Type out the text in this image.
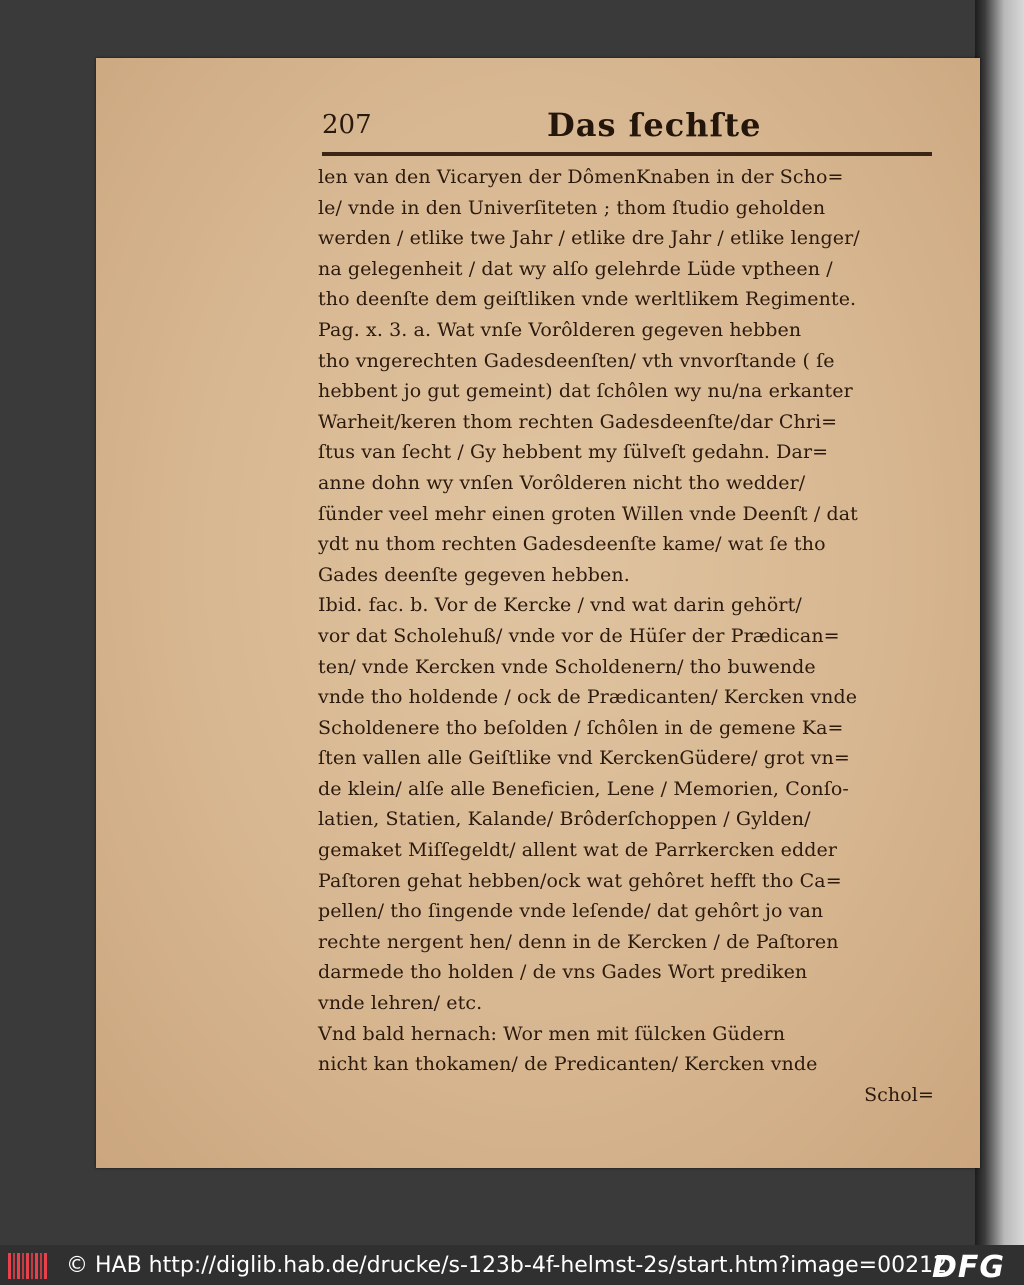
207	Das ſechſte
len van den Vicaryen der DômenKnaben in der Scho=
le/ vnde in den Univerſiteten ; thom ſtudio geholden
werden / etlike twe Jahr / etlike dre Jahr / etlike lenger/
na gelegenheit / dat wy alſo gelehrde Lüde vptheen /
tho deenſte dem geiſtliken vnde werltlikem Regimente.
Pag. x. 3. a. Wat vnſe Vorôlderen gegeven hebben
tho vngerechten Gadesdeenſten/ vth vnvorſtande ( ſe
hebbent jo gut gemeint) dat ſchôlen wy nu/na erkanter
Warheit/keren thom rechten Gadesdeenſte/dar Chri=
ſtus van ſecht / Gy hebbent my ſülveſt gedahn. Dar=
anne dohn wy vnſen Vorôlderen nicht tho wedder/
ſünder veel mehr einen groten Willen vnde Deenſt / dat
ydt nu thom rechten Gadesdeenſte kame/ wat ſe tho
Gades deenſte gegeven hebben.
Ibid. fac. b. Vor de Kercke / vnd wat darin gehört/
vor dat Scholehuß/ vnde vor de Hüſer der Prædican=
ten/ vnde Kercken vnde Scholdenern/ tho buwende
vnde tho holdende / ock de Prædicanten/ Kercken vnde
Scholdenere tho beſolden / ſchôlen in de gemene Ka=
ſten vallen alle Geiſtlike vnd KerckenGüdere/ grot vn=
de klein/ alſe alle Beneficien, Lene / Memorien, Conſo-
latien, Statien, Kalande/ Brôderſchoppen / Gylden/
gemaket Miſſegeldt/ allent wat de Parrkercken edder
Paſtoren gehat hebben/ock wat gehôret hefft tho Ca=
pellen/ tho ſingende vnde leſende/ dat gehôrt jo van
rechte nergent hen/ denn in de Kercken / de Paſtoren
darmede tho holden / de vns Gades Wort prediken
vnde lehren/ etc.
Vnd bald hernach: Wor men mit ſülcken Güdern
nicht kan thokamen/ de Predicanten/ Kercken vnde
Schol=
© HAB http://diglib.hab.de/drucke/s-123b-4f-helmst-2s/start.htm?image=00212
DFG
